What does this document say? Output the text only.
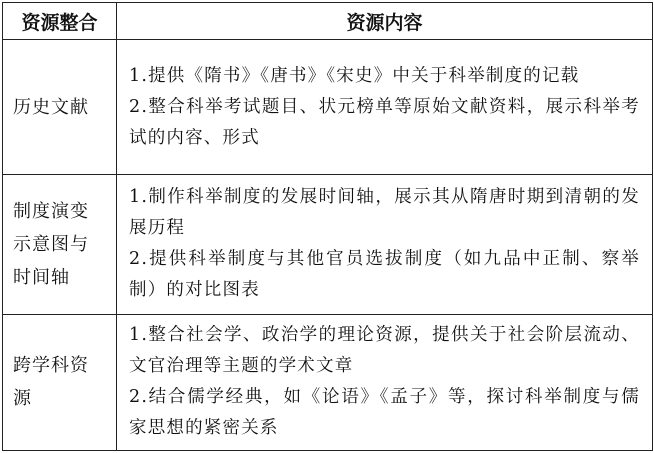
资源整合	资源内容
历史文献	1.提供《隋书》《唐书》《宋史》中关于科举制度的记载
2.整合科举考试题目、状元榜单等原始文献资料，展示科举考试的内容、形式

制度演变示意图与时间轴	1.制作科举制度的发展时间轴，展示其从隋唐时期到清朝的发展历程
2.提供科举制度与其他官员选拔制度（如九品中正制、察举制）的对比图表

跨学科资源	1.整合社会学、政治学的理论资源，提供关于社会阶层流动、文官治理等主题的学术文章
2.结合儒学经典，如《论语》《孟子》等，探讨科举制度与儒家思想的紧密关系
